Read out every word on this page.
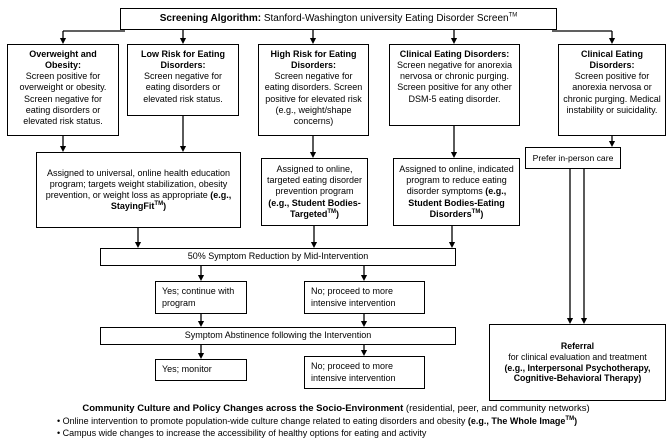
Screening Algorithm: Stanford-Washington university Eating Disorder Screen™
Overweight and Obesity:
Screen positive for overweight or obesity. Screen negative for eating disorders or elevated risk status.
Low Risk for Eating Disorders:
Screen negative for eating disorders or elevated risk status.
High Risk for Eating Disorders:
Screen negative for eating disorders. Screen positive for elevated risk (e.g., weight/shape concerns)
Clinical Eating Disorders:
Screen negative for anorexia nervosa or chronic purging. Screen positive for any other DSM-5 eating disorder.
Clinical Eating Disorders:
Screen positive for anorexia nervosa or chronic purging. Medical instability or suicidality.
Assigned to universal, online health education program; targets weight stabilization, obesity prevention, or weight loss as appropriate (e.g., StayingFit™)
Assigned to online, targeted eating disorder prevention program (e.g., Student Bodies-Targeted™)
Assigned to online, indicated program to reduce eating disorder symptoms (e.g., Student Bodies-Eating Disorders™)
Prefer in-person care
50% Symptom Reduction by Mid-Intervention
Yes; continue with program
No; proceed to more intensive intervention
Symptom Abstinence following the Intervention
Yes; monitor	No; proceed to more intensive intervention
Referral
for clinical evaluation and treatment
(e.g., Interpersonal Psychotherapy, Cognitive-Behavioral Therapy)
Community Culture and Policy Changes across the Socio-Environment (residential, peer, and community networks)
• Online intervention to promote population-wide culture change related to eating disorders and obesity (e.g., The Whole Image™)
• Campus wide changes to increase the accessibility of healthy options for eating and activity
